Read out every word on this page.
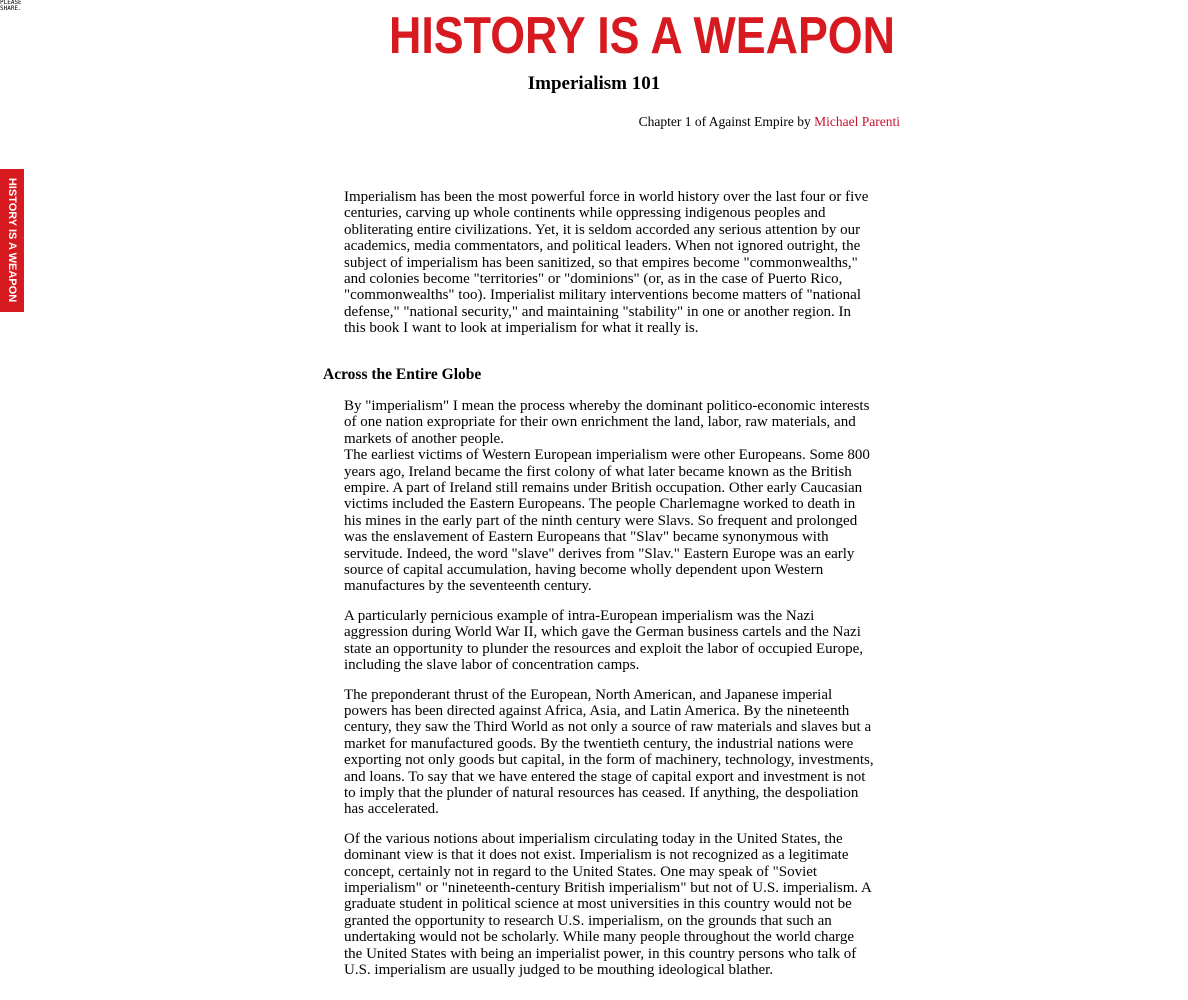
PLEASE
SHARE.
HISTORY IS A WEAPON
HISTORY IS A WEAPON
Imperialism 101

Chapter 1 of Against Empire by Michael Parenti

Imperialism has been the most powerful force in world history over the last four or five centuries, carving up whole continents while oppressing indigenous peoples and obliterating entire civilizations. Yet, it is seldom accorded any serious attention by our academics, media commentators, and political leaders. When not ignored outright, the subject of imperialism has been sanitized, so that empires become "commonwealths," and colonies become "territories" or "dominions" (or, as in the case of Puerto Rico, "commonwealths" too). Imperialist military interventions become matters of "national defense," "national security," and maintaining "stability" in one or another region. In this book I want to look at imperialism for what it really is.

Across the Entire Globe

By "imperialism" I mean the process whereby the dominant politico-economic interests of one nation expropriate for their own enrichment the land, labor, raw materials, and markets of another people.

The earliest victims of Western European imperialism were other Europeans. Some 800 years ago, Ireland became the first colony of what later became known as the British empire. A part of Ireland still remains under British occupation. Other early Caucasian victims included the Eastern Europeans. The people Charlemagne worked to death in his mines in the early part of the ninth century were Slavs. So frequent and prolonged was the enslavement of Eastern Europeans that "Slav" became synonymous with servitude. Indeed, the word "slave" derives from "Slav." Eastern Europe was an early source of capital accumulation, having become wholly dependent upon Western manufactures by the seventeenth century.

A particularly pernicious example of intra-European imperialism was the Nazi aggression during World War II, which gave the German business cartels and the Nazi state an opportunity to plunder the resources and exploit the labor of occupied Europe, including the slave labor of concentration camps.

The preponderant thrust of the European, North American, and Japanese imperial powers has been directed against Africa, Asia, and Latin America. By the nineteenth century, they saw the Third World as not only a source of raw materials and slaves but a market for manufactured goods. By the twentieth century, the industrial nations were exporting not only goods but capital, in the form of machinery, technology, investments, and loans. To say that we have entered the stage of capital export and investment is not to imply that the plunder of natural resources has ceased. If anything, the despoliation has accelerated.

Of the various notions about imperialism circulating today in the United States, the dominant view is that it does not exist. Imperialism is not recognized as a legitimate concept, certainly not in regard to the United States. One may speak of "Soviet imperialism" or "nineteenth-century British imperialism" but not of U.S. imperialism. A graduate student in political science at most universities in this country would not be granted the opportunity to research U.S. imperialism, on the grounds that such an undertaking would not be scholarly. While many people throughout the world charge the United States with being an imperialist power, in this country persons who talk of U.S. imperialism are usually judged to be mouthing ideological blather.
